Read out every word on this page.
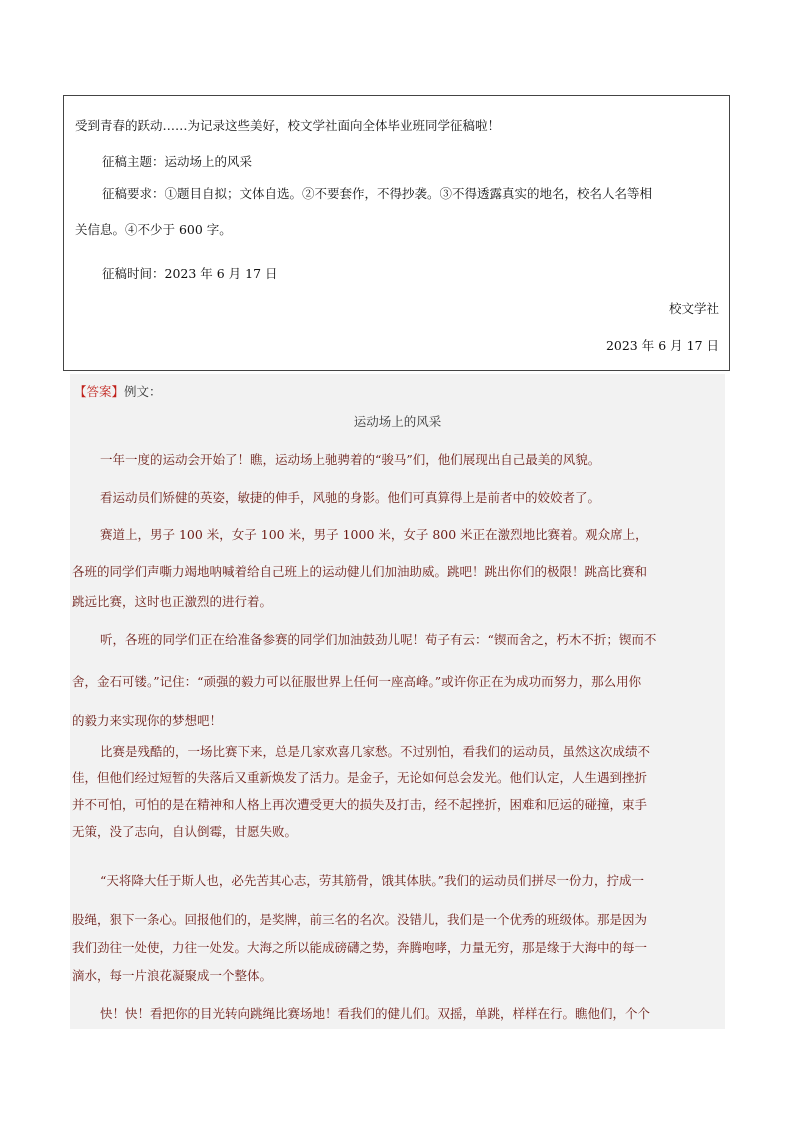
受到青春的跃动……为记录这些美好，校文学社面向全体毕业班同学征稿啦！

征稿主题：运动场上的风采

征稿要求：①题目自拟；文体自选。②不要套作，不得抄袭。③不得透露真实的地名，校名人名等相

关信息。④不少于 600 字。

征稿时间：2023 年 6 月 17 日

校文学社

2023 年 6 月 17 日

【答案】例文：

运动场上的风采

一年一度的运动会开始了！瞧，运动场上驰骋着的“骏马”们，他们展现出自己最美的风貌。

看运动员们矫健的英姿，敏捷的伸手，风驰的身影。他们可真算得上是前者中的姣姣者了。

赛道上，男子 100 米，女子 100 米，男子 1000 米，女子 800 米正在激烈地比赛着。观众席上，

各班的同学们声嘶力竭地呐喊着给自己班上的运动健儿们加油助威。跳吧！跳出你们的极限！跳高比赛和

跳远比赛，这时也正激烈的进行着。

听，各班的同学们正在给准备参赛的同学们加油鼓劲儿呢！荀子有云：“锲而舍之，朽木不折；锲而不

舍，金石可镂。”记住：“顽强的毅力可以征服世界上任何一座高峰。”或许你正在为成功而努力，那么用你

的毅力来实现你的梦想吧！

比赛是残酷的，一场比赛下来，总是几家欢喜几家愁。不过别怕，看我们的运动员，虽然这次成绩不

佳，但他们经过短暂的失落后又重新焕发了活力。是金子，无论如何总会发光。他们认定，人生遇到挫折

并不可怕，可怕的是在精神和人格上再次遭受更大的损失及打击，经不起挫折，困难和厄运的碰撞，束手

无策，没了志向，自认倒霉，甘愿失败。

“天将降大任于斯人也，必先苦其心志，劳其筋骨，饿其体肤。”我们的运动员们拼尽一份力，拧成一

股绳，狠下一条心。回报他们的，是奖牌，前三名的名次。没错儿，我们是一个优秀的班级体。那是因为

我们劲往一处使，力往一处发。大海之所以能成磅礴之势，奔腾咆哮，力量无穷，那是缘于大海中的每一

滴水，每一片浪花凝聚成一个整体。

快！快！看把你的目光转向跳绳比赛场地！看我们的健儿们。双摇，单跳，样样在行。瞧他们，个个
